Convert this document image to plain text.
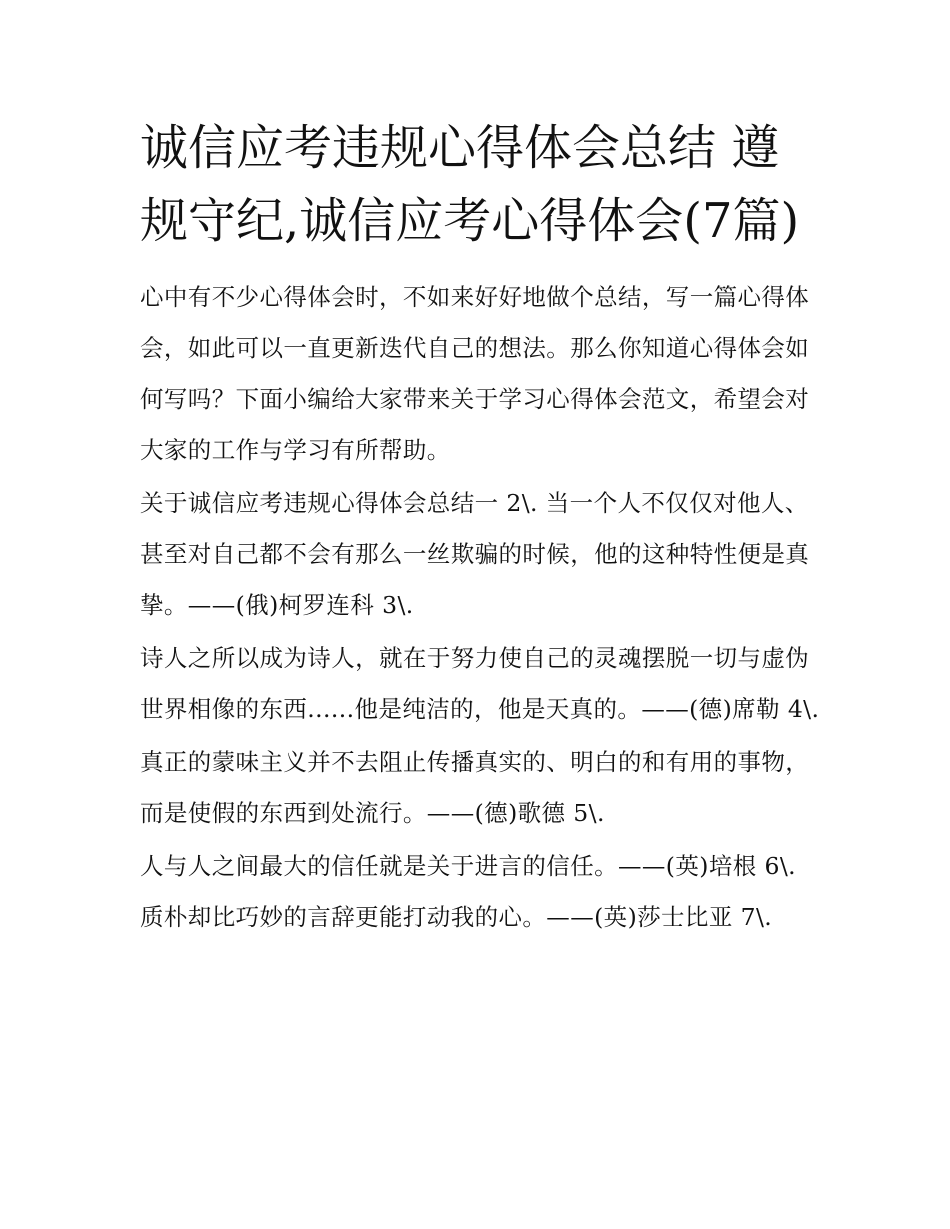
诚信应考违规心得体会总结 遵规守纪,诚信应考心得体会(7篇)

心中有不少心得体会时，不如来好好地做个总结，写一篇心得体会，如此可以一直更新迭代自己的想法。那么你知道心得体会如何写吗？下面小编给大家带来关于学习心得体会范文，希望会对大家的工作与学习有所帮助。

关于诚信应考违规心得体会总结一 2\. 当一个人不仅仅对他人、甚至对自己都不会有那么一丝欺骗的时候，他的这种特性便是真挚。——(俄)柯罗连科 3\.

诗人之所以成为诗人，就在于努力使自己的灵魂摆脱一切与虚伪世界相像的东西......他是纯洁的，他是天真的。——(德)席勒 4\.

真正的蒙味主义并不去阻止传播真实的、明白的和有用的事物，而是使假的东西到处流行。——(德)歌德 5\.

人与人之间最大的信任就是关于进言的信任。——(英)培根 6\. 质朴却比巧妙的言辞更能打动我的心。——(英)莎士比亚 7\.
